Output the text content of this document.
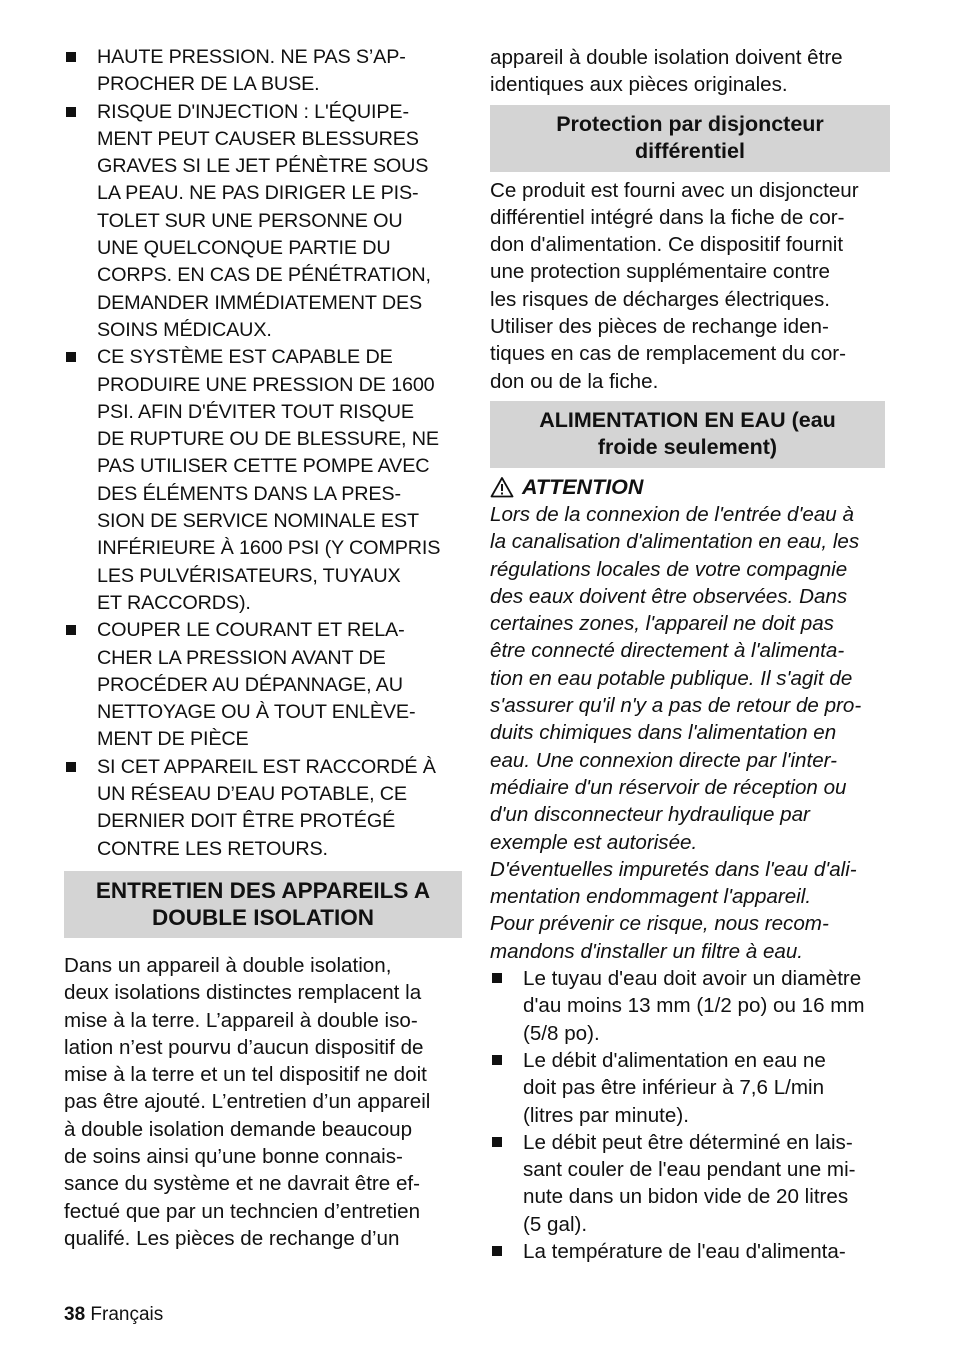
HAUTE PRESSION. NE PAS S’AP-
PROCHER DE LA BUSE.
RISQUE D'INJECTION : L'ÉQUIPE-
MENT PEUT CAUSER BLESSURES
GRAVES SI LE JET PÉNÈTRE SOUS
LA PEAU. NE PAS DIRIGER LE PIS-
TOLET SUR UNE PERSONNE OU
UNE QUELCONQUE PARTIE DU
CORPS. EN CAS DE PÉNÉTRATION,
DEMANDER IMMÉDIATEMENT DES
SOINS MÉDICAUX.
CE SYSTÈME EST CAPABLE DE
PRODUIRE UNE PRESSION DE 1600
PSI. AFIN D'ÉVITER TOUT RISQUE
DE RUPTURE OU DE BLESSURE, NE
PAS UTILISER CETTE POMPE AVEC
DES ÉLÉMENTS DANS LA PRES-
SION DE SERVICE NOMINALE EST
INFÉRIEURE À 1600 PSI (Y COMPRIS
LES PULVÉRISATEURS, TUYAUX
ET RACCORDS).
COUPER LE COURANT ET RELA-
CHER LA PRESSION AVANT DE
PROCÉDER AU DÉPANNAGE, AU
NETTOYAGE OU À TOUT ENLÈVE-
MENT DE PIÈCE
SI CET APPAREIL EST RACCORDÉ À
UN RÉSEAU D’EAU POTABLE, CE
DERNIER DOIT ÊTRE PROTÉGÉ
CONTRE LES RETOURS.
ENTRETIEN DES APPAREILS A
DOUBLE ISOLATION

Dans un appareil à double isolation,
deux isolations distinctes remplacent la
mise à la terre. L’appareil à double iso-
lation n’est pourvu d’aucun dispositif de
mise à la terre et un tel dispositif ne doit
pas être ajouté. L’entretien d’un appareil
à double isolation demande beaucoup
de soins ainsi qu’une bonne connais-
sance du système et ne davrait être ef-
fectué que par un techncien d’entretien
qualifé. Les pièces de rechange d’un

appareil à double isolation doivent être
identiques aux pièces originales.

Protection par disjoncteur
différentiel

Ce produit est fourni avec un disjoncteur
différentiel intégré dans la fiche de cor-
don d'alimentation. Ce dispositif fournit
une protection supplémentaire contre
les risques de décharges électriques.
Utiliser des pièces de rechange iden-
tiques en cas de remplacement du cor-
don ou de la fiche.

ALIMENTATION EN EAU (eau
froide seulement)
ATTENTION

Lors de la connexion de l'entrée d'eau à
la canalisation d'alimentation en eau, les
régulations locales de votre compagnie
des eaux doivent être observées. Dans
certaines zones, l'appareil ne doit pas
être connecté directement à l'alimenta-
tion en eau potable publique. Il s'agit de
s'assurer qu'il n'y a pas de retour de pro-
duits chimiques dans l'alimentation en
eau. Une connexion directe par l'inter-
médiaire d'un réservoir de réception ou
d'un disconnecteur hydraulique par
exemple est autorisée.
D'éventuelles impuretés dans l'eau d'ali-
mentation endommagent l'appareil.
Pour prévenir ce risque, nous recom-
mandons d'installer un filtre à eau.

Le tuyau d'eau doit avoir un diamètre
d'au moins 13 mm (1/2 po) ou 16 mm
(5/8 po).
Le débit d'alimentation en eau ne
doit pas être inférieur à 7,6 L/min
(litres par minute).
Le débit peut être déterminé en lais-
sant couler de l'eau pendant une mi-
nute dans un bidon vide de 20 litres
(5 gal).
La température de l'eau d'alimenta-
38 Français
